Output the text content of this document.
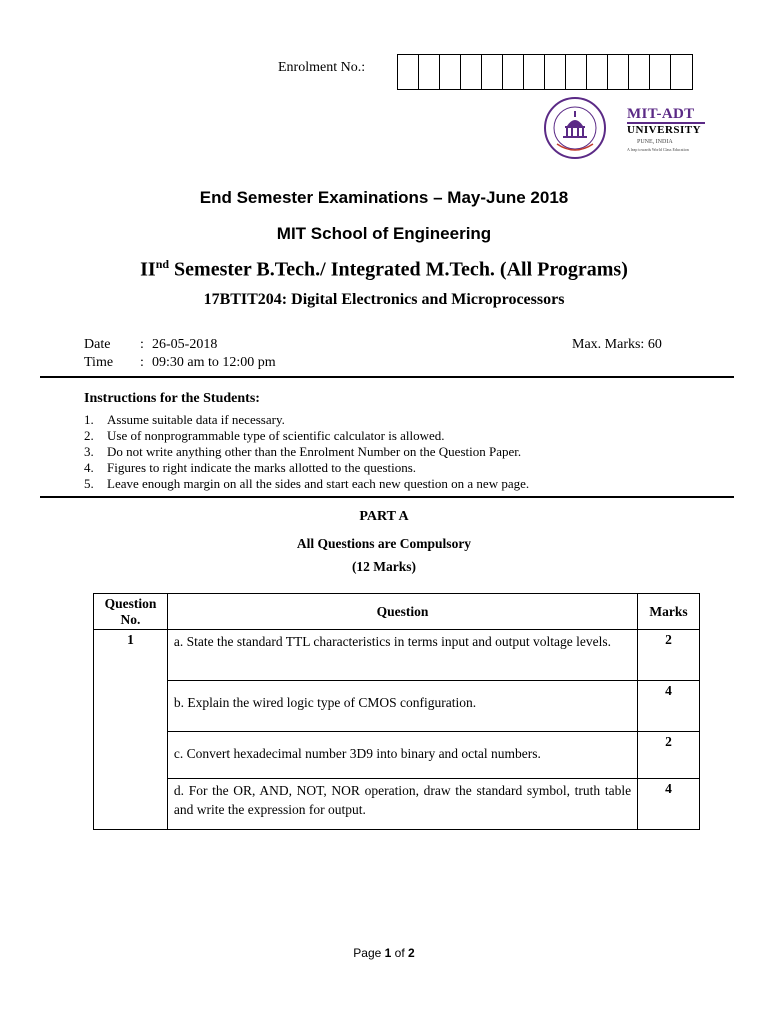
Enrolment No.:
MIT-ADT
UNIVERSITY
PUNE, INDIA
A leap towards World Class Education
End Semester Examinations – May-June 2018
MIT School of Engineering
IInd Semester B.Tech./ Integrated M.Tech. (All Programs)
17BTIT204: Digital Electronics and Microprocessors
Date : 26-05-2018
Time : 09:30 am to 12:00 pm
Max. Marks: 60
Instructions for the Students:
1.	Assume suitable data if necessary.
2.	Use of nonprogrammable type of scientific calculator is allowed.
3.	Do not write anything other than the Enrolment Number on the Question Paper.
4.	Figures to right indicate the marks allotted to the questions.
5.	Leave enough margin on all the sides and start each new question on a new page.
PART A
All Questions are Compulsory
(12 Marks)
Question No.	Question	Marks
1	a. State the standard TTL characteristics in terms input and output voltage levels.	2

	b. Explain the wired logic type of CMOS configuration.	4

	c. Convert hexadecimal number 3D9 into binary and octal numbers.	2
	d. For the OR, AND, NOT, NOR operation, draw the standard symbol, truth table and write the expression for output.	4
Page 1 of 2
